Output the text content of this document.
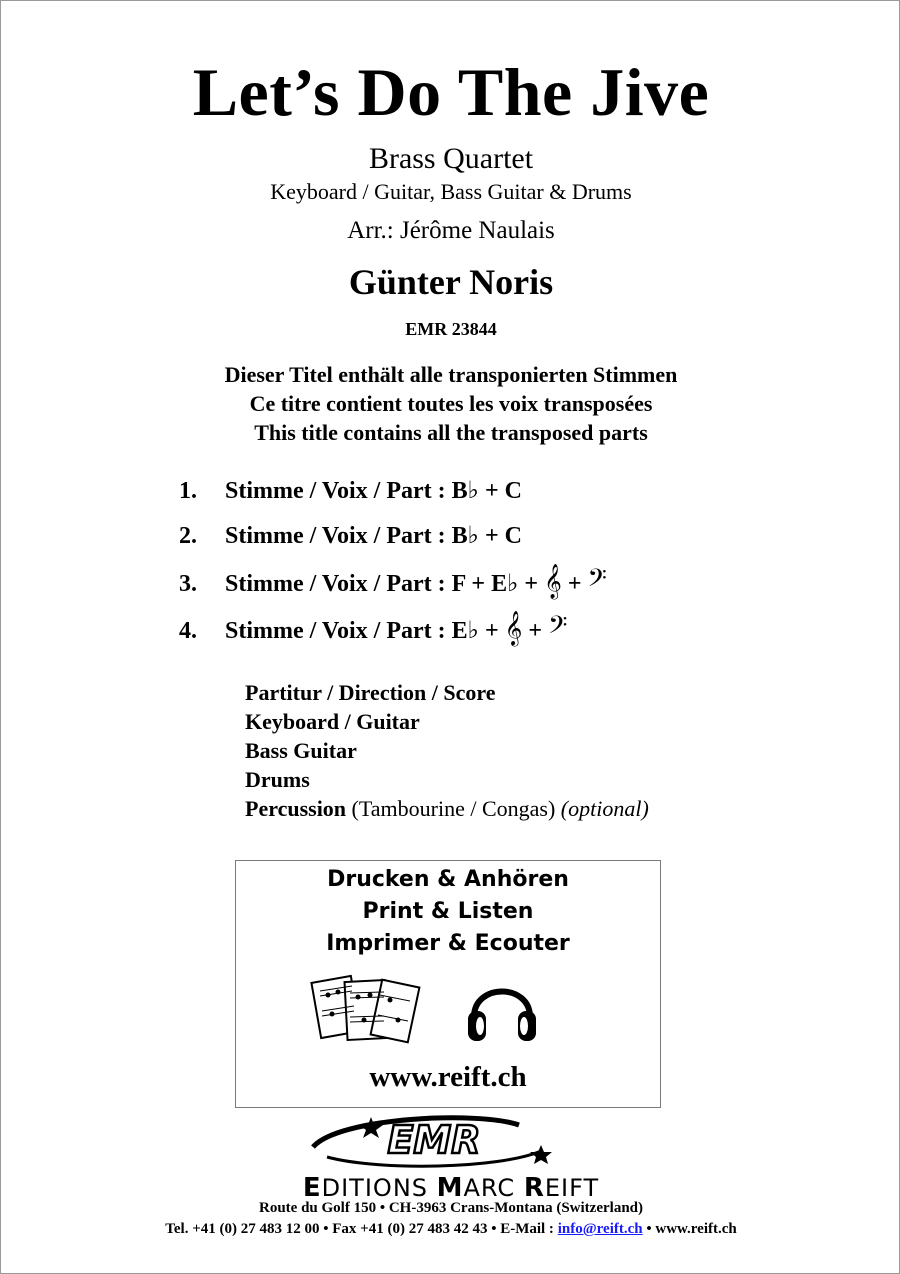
Let’s Do The Jive
Brass Quartet
Keyboard / Guitar, Bass Guitar & Drums
Arr.: Jérôme Naulais
Günter Noris
EMR 23844
Dieser Titel enthält alle transponierten Stimmen
Ce titre contient toutes les voix transposées
This title contains all the transposed parts
1. Stimme / Voix / Part : B♭ + C
2. Stimme / Voix / Part : B♭ + C
3. Stimme / Voix / Part : F + E♭ + 𝄞 + 𝄢
4. Stimme / Voix / Part : E♭ + 𝄞 + 𝄢
Partitur / Direction / Score
Keyboard / Guitar
Bass Guitar
Drums
Percussion (Tambourine / Congas) (optional)
Drucken & Anhören
Print & Listen
Imprimer & Ecouter
www.reift.ch
EMR
EDITIONS MARC REIFT
Route du Golf 150 • CH-3963 Crans-Montana (Switzerland)
Tel. +41 (0) 27 483 12 00 • Fax +41 (0) 27 483 42 43 • E-Mail : info@reift.ch • www.reift.ch
